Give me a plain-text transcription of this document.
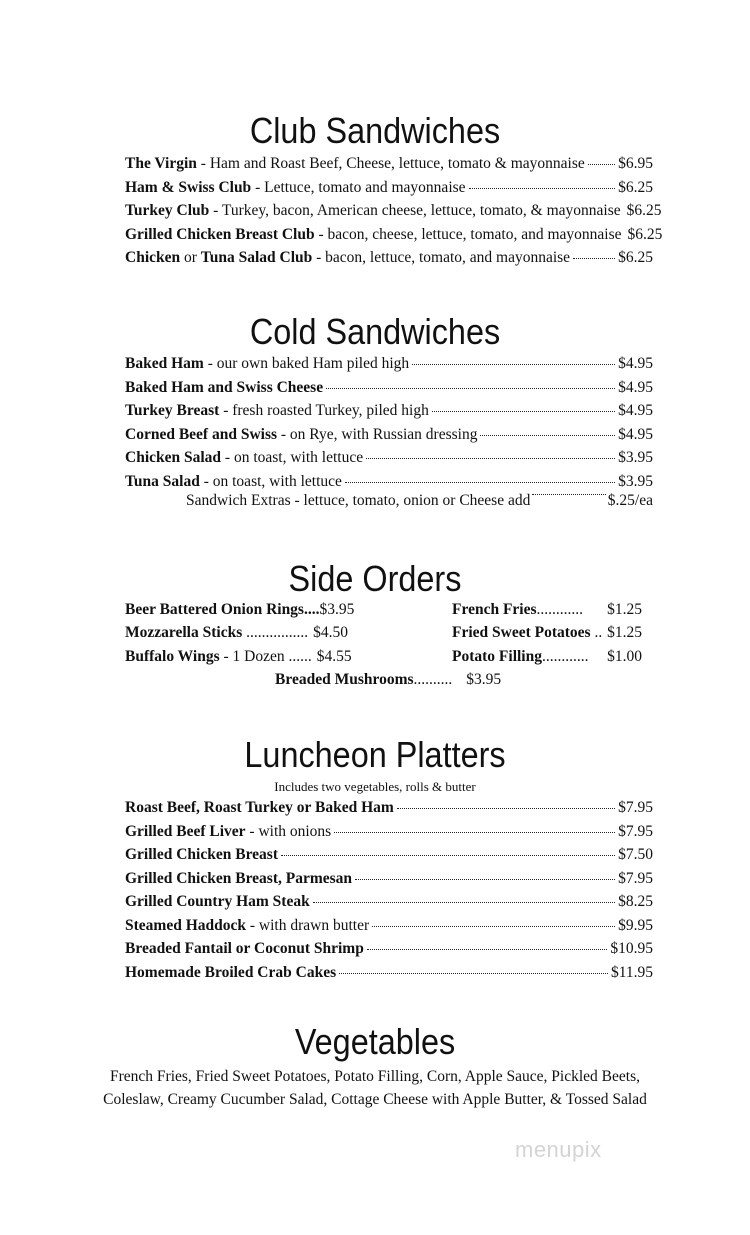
Club Sandwiches
The Virgin - Ham and Roast Beef, Cheese, lettuce, tomato & mayonnaise $6.95
Ham & Swiss Club - Lettuce, tomato and mayonnaise	$6.25
Turkey Club - Turkey, bacon, American cheese, lettuce, tomato, & mayonnaise $6.25
Grilled Chicken Breast Club - bacon, cheese, lettuce, tomato, and mayonnaise $6.25
Chicken or Tuna Salad Club - bacon, lettuce, tomato, and mayonnaise	$6.25
Cold Sandwiches
Baked Ham - our own baked Ham piled high	$4.95
Baked Ham and Swiss Cheese	$4.95
Turkey Breast - fresh roasted Turkey, piled high	$4.95
Corned Beef and Swiss - on Rye, with Russian dressing	$4.95
Chicken Salad - on toast, with lettuce	$3.95
Tuna Salad - on toast, with lettuce	$3.95
Sandwich Extras - lettuce, tomato, onion or Cheese add	$.25/ea
Side Orders
Beer Battered Onion Rings....$3.95
Mozzarella Sticks ................ $4.50
Buffalo Wings - 1 Dozen ...... $4.55
French Fries............ $1.25
Fried Sweet Potatoes .. $1.25
Potato Filling............ $1.00
Breaded Mushrooms.......... $3.95
Luncheon Platters
Includes two vegetables, rolls & butter
Roast Beef, Roast Turkey or Baked Ham	$7.95
Grilled Beef Liver - with onions	$7.95
Grilled Chicken Breast	$7.50
Grilled Chicken Breast, Parmesan	$7.95
Grilled Country Ham Steak	$8.25
Steamed Haddock - with drawn butter	$9.95
Breaded Fantail or Coconut Shrimp	$10.95
Homemade Broiled Crab Cakes	$11.95
Vegetables
French Fries, Fried Sweet Potatoes, Potato Filling, Corn, Apple Sauce, Pickled Beets,
Coleslaw, Creamy Cucumber Salad, Cottage Cheese with Apple Butter, & Tossed Salad
menupix
